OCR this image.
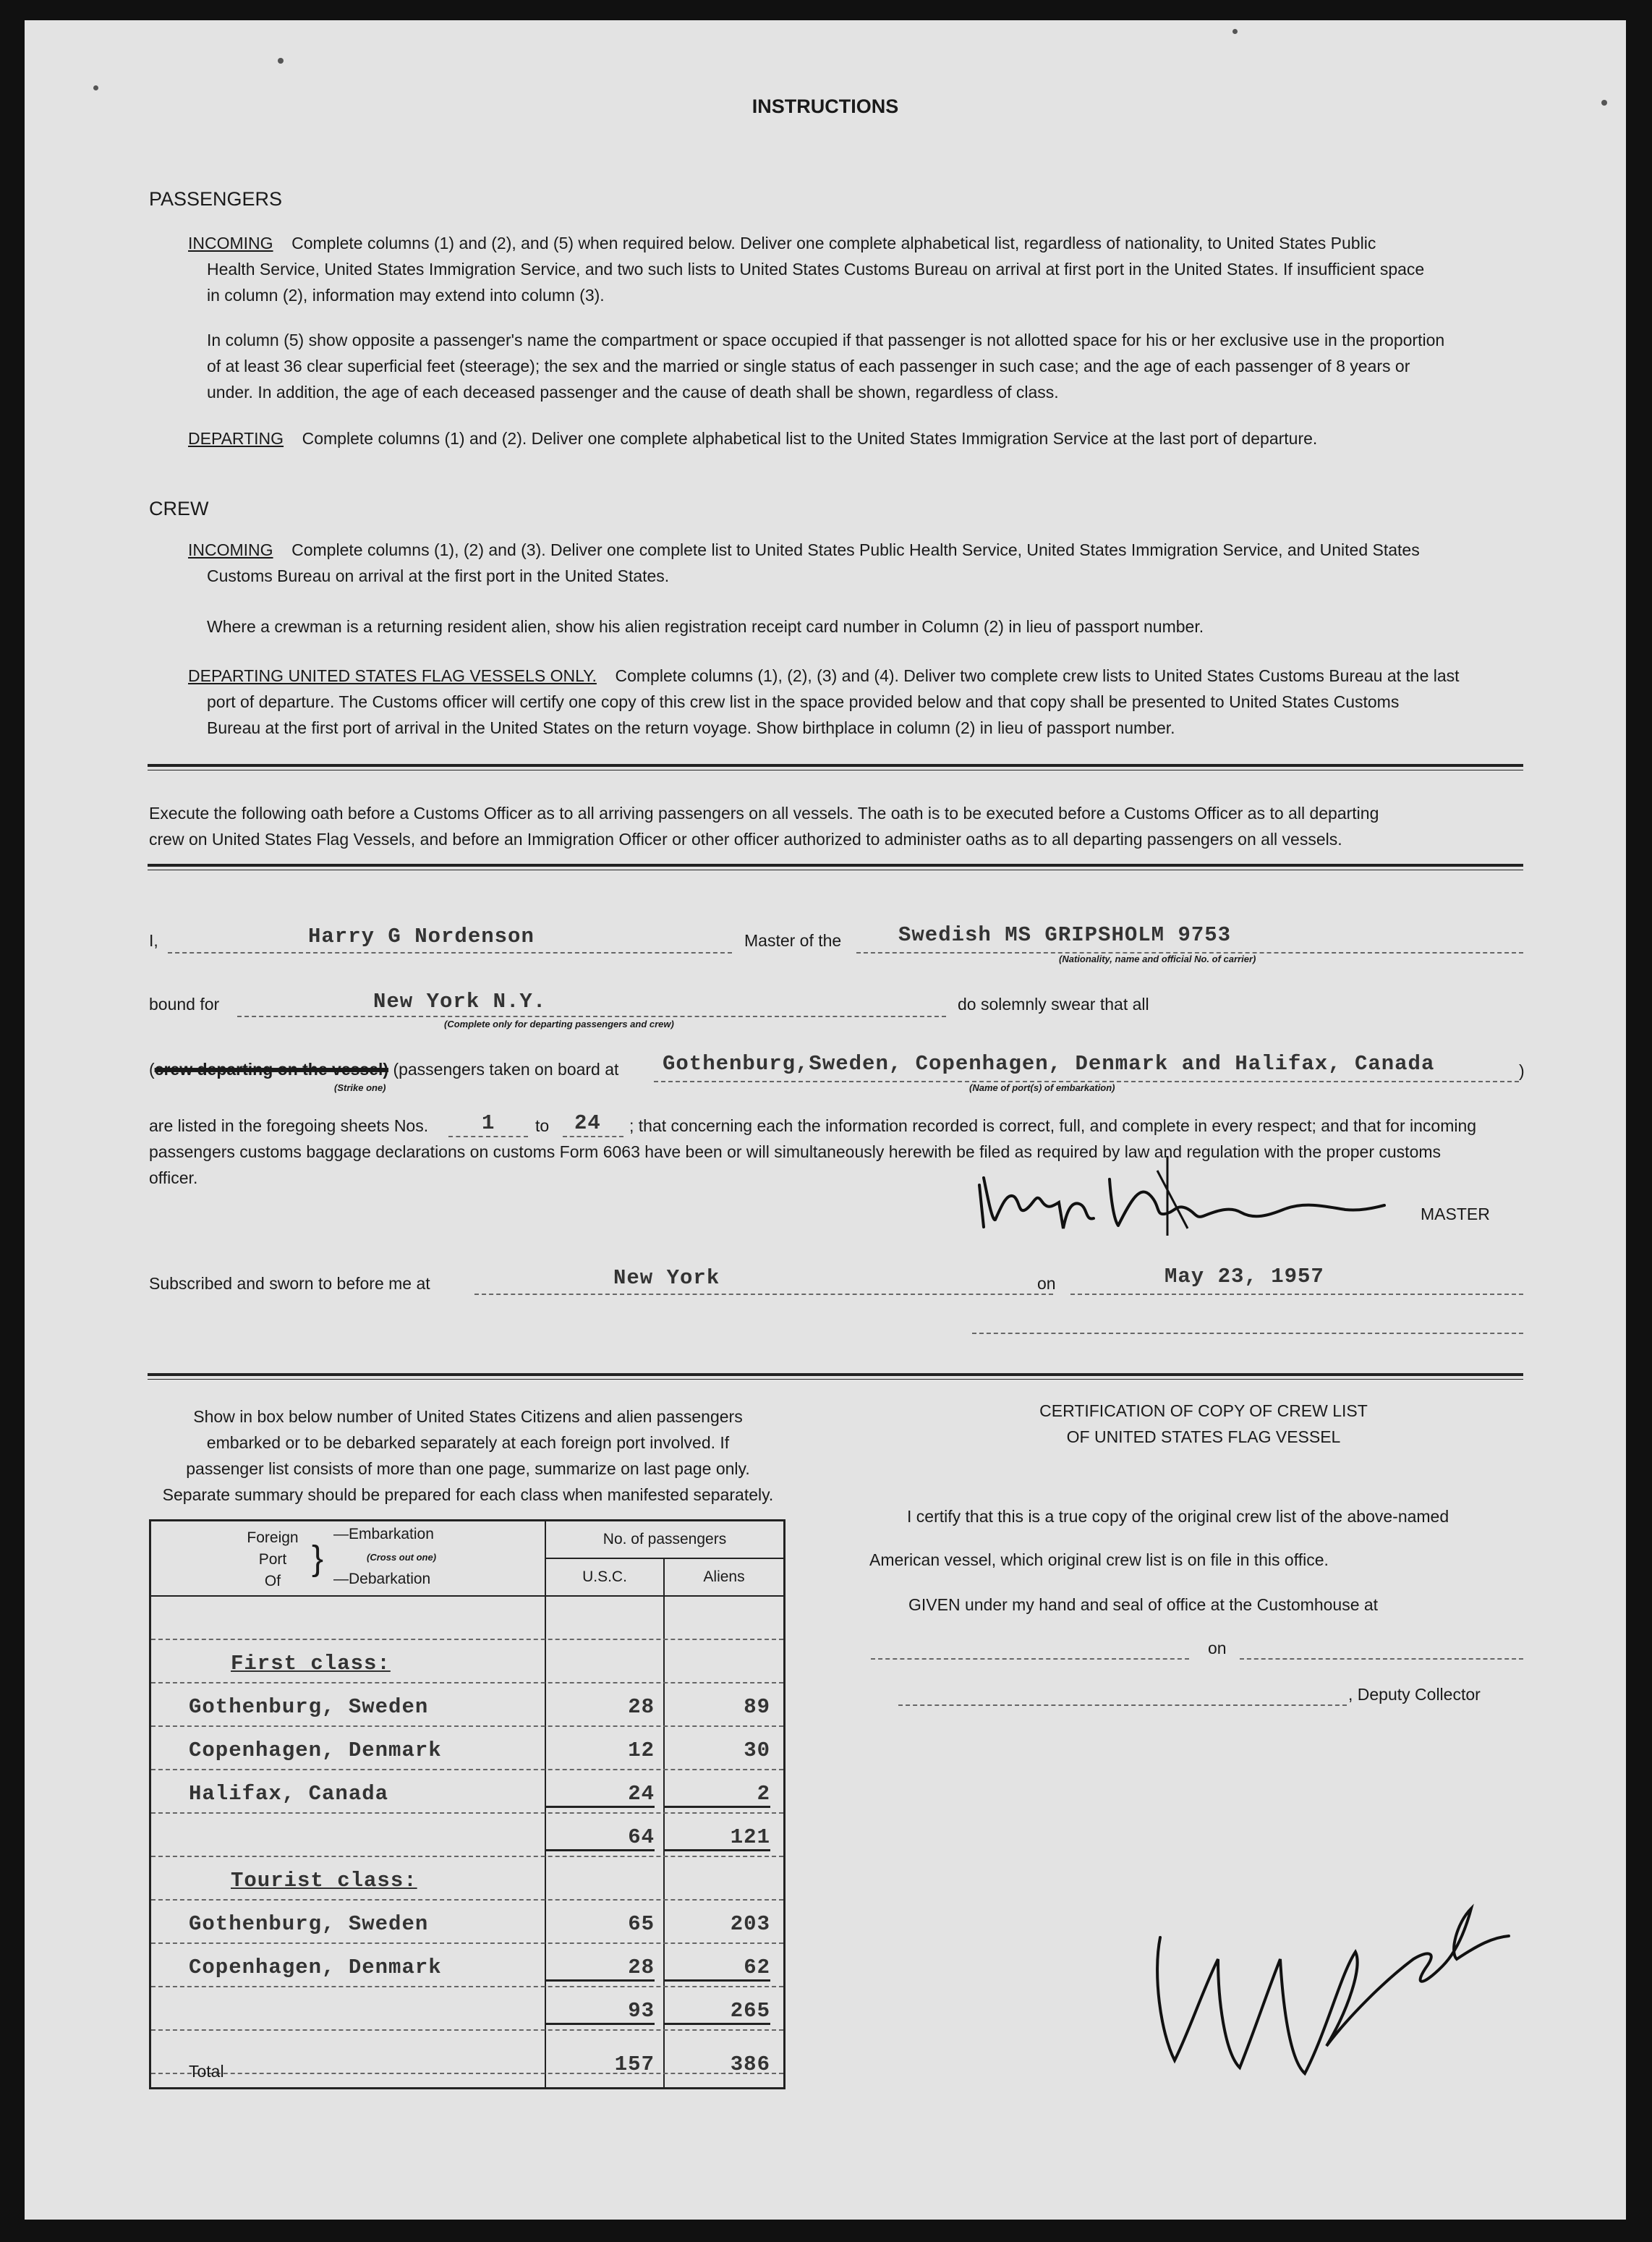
INSTRUCTIONS
PASSENGERS
INCOMING Complete columns (1) and (2), and (5) when required below. Deliver one complete alphabetical list, regardless of nationality, to United States Public
Health Service, United States Immigration Service, and two such lists to United States Customs Bureau on arrival at first port in the United States. If insufficient space
in column (2), information may extend into column (3).
In column (5) show opposite a passenger's name the compartment or space occupied if that passenger is not allotted space for his or her exclusive use in the proportion
of at least 36 clear superficial feet (steerage); the sex and the married or single status of each passenger in such case; and the age of each passenger of 8 years or
under. In addition, the age of each deceased passenger and the cause of death shall be shown, regardless of class.
DEPARTING Complete columns (1) and (2). Deliver one complete alphabetical list to the United States Immigration Service at the last port of departure.
CREW
INCOMING Complete columns (1), (2) and (3). Deliver one complete list to United States Public Health Service, United States Immigration Service, and United States
Customs Bureau on arrival at the first port in the United States.
Where a crewman is a returning resident alien, show his alien registration receipt card number in Column (2) in lieu of passport number.
DEPARTING UNITED STATES FLAG VESSELS ONLY. Complete columns (1), (2), (3) and (4). Deliver two complete crew lists to United States Customs Bureau at the last
port of departure. The Customs officer will certify one copy of this crew list in the space provided below and that copy shall be presented to United States Customs
Bureau at the first port of arrival in the United States on the return voyage. Show birthplace in column (2) in lieu of passport number.
Execute the following oath before a Customs Officer as to all arriving passengers on all vessels. The oath is to be executed before a Customs Officer as to all departing
crew on United States Flag Vessels, and before an Immigration Officer or other officer authorized to administer oaths as to all departing passengers on all vessels.
I,	Harry G Nordenson	Master of the	Swedish MS GRIPSHOLM 9753
(Nationality, name and official No. of carrier)
bound for	New York N.Y.
(Complete only for departing passengers and crew)
do solemnly swear that all
(crew departing on the vessel) (passengers taken on board at
(Strike one)
Gothenburg,Sweden, Copenhagen, Denmark and Halifax, Canada
(Name of port(s) of embarkation)
)
are listed in the foregoing sheets Nos.	1 to 24 ; that concerning each the information recorded is correct, full, and complete in every respect; and that for incoming
passengers customs baggage declarations on customs Form 6063 have been or will simultaneously herewith be filed as required by law and regulation with the proper customs
officer.
MASTER
Subscribed and sworn to before me at	New York	on	May 23, 1957
Show in box below number of United States Citizens and alien passengers
embarked or to be debarked separately at each foreign port involved. If
passenger list consists of more than one page, summarize on last page only.
Separate summary should be prepared for each class when manifested separately.
Foreign
Port
Of
}
—Embarkation
(Cross out one)
—Debarkation
No. of passengers
U.S.C.	Aliens
First class:
Gothenburg, Sweden	28	89
Copenhagen, Denmark	12	30
Halifax, Canada	24	2
64	121
Tourist class:
Gothenburg, Sweden	65	203
Copenhagen, Denmark	28	62
93	265
Total	157	386
CERTIFICATION OF COPY OF CREW LIST
OF UNITED STATES FLAG VESSEL
I certify that this is a true copy of the original crew list of the above-named
American vessel, which original crew list is on file in this office.
GIVEN under my hand and seal of office at the Customhouse at
on
, Deputy Collector
